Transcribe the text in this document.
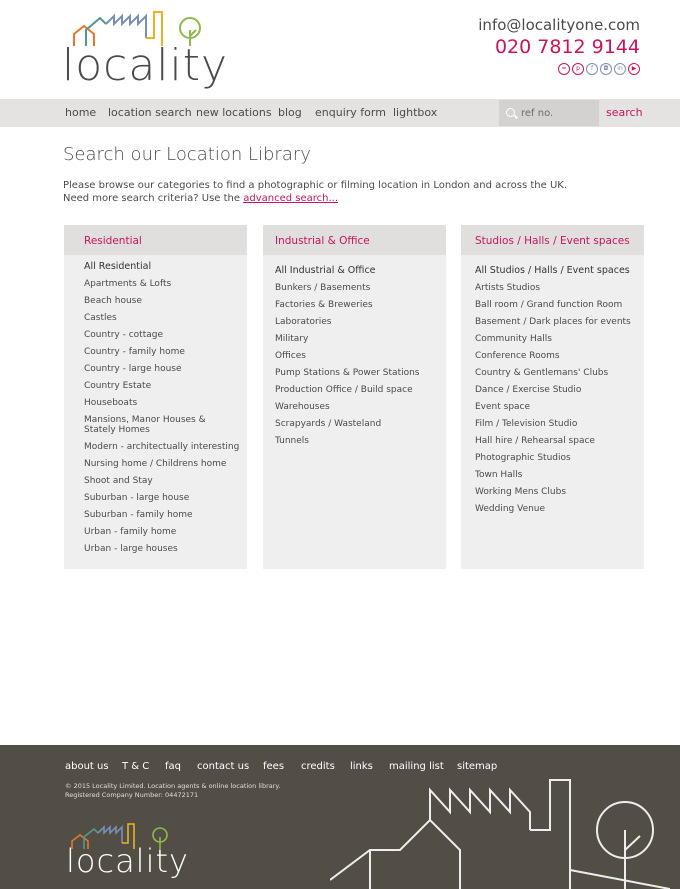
locality
info@localityone.com
020 7812 9144
≈	p	f	◘	in	▶
home location search new locations blog enquiry form lightbox
ref no.	search
Search our Location Library
Please browse our categories to find a photographic or filming location in London and across the UK.
Need more search criteria? Use the advanced search...
Residential
All Residential
Apartments & Lofts
Beach house
Castles
Country - cottage
Country - family home
Country - large house
Country Estate
Houseboats
Mansions, Manor Houses & Stately Homes
Modern - architectually interesting
Nursing home / Childrens home
Shoot and Stay
Suburban - large house
Suburban - family home
Urban - family home
Urban - large houses
Industrial & Office
All Industrial & Office
Bunkers / Basements
Factories & Breweries
Laboratories
Military
Offices
Pump Stations & Power Stations
Production Office / Build space
Warehouses
Scrapyards / Wasteland
Tunnels
Studios / Halls / Event spaces
All Studios / Halls / Event spaces
Artists Studios
Ball room / Grand function Room
Basement / Dark places for events
Community Halls
Conference Rooms
Country & Gentlemans' Clubs
Dance / Exercise Studio
Event space
Film / Television Studio
Hall hire / Rehearsal space
Photographic Studios
Town Halls
Working Mens Clubs
Wedding Venue
about us T & C faq contact us fees credits links mailing list sitemap
© 2015 Locality Limited. Location agents & online location library.
Registered Company Number: 04472171
locality
